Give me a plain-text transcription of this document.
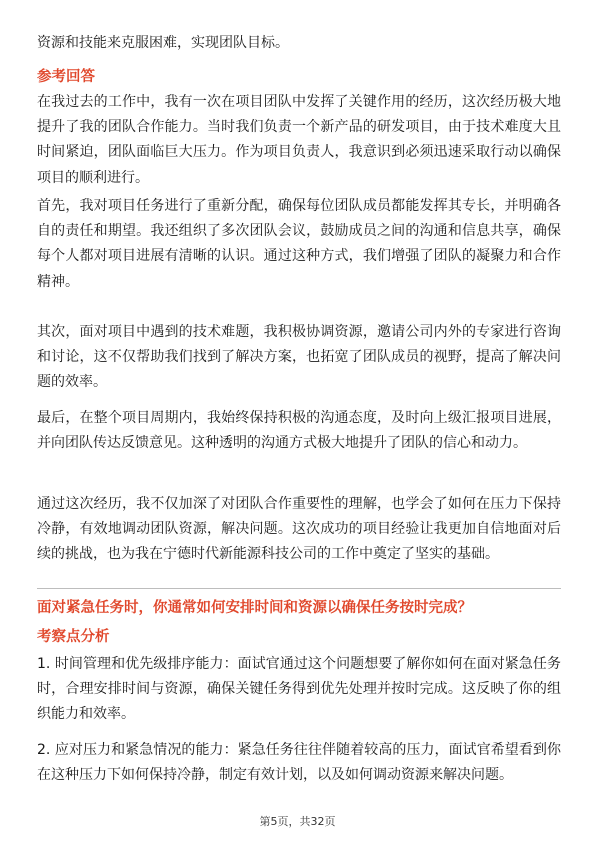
资源和技能来克服困难，实现团队目标。

参考回答

在我过去的工作中，我有一次在项目团队中发挥了关键作用的经历，这次经历极大地提升了我的团队合作能力。当时我们负责一个新产品的研发项目，由于技术难度大且时间紧迫，团队面临巨大压力。作为项目负责人，我意识到必须迅速采取行动以确保项目的顺利进行。

首先，我对项目任务进行了重新分配，确保每位团队成员都能发挥其专长，并明确各自的责任和期望。我还组织了多次团队会议，鼓励成员之间的沟通和信息共享，确保每个人都对项目进展有清晰的认识。通过这种方式，我们增强了团队的凝聚力和合作精神。

其次，面对项目中遇到的技术难题，我积极协调资源，邀请公司内外的专家进行咨询和讨论，这不仅帮助我们找到了解决方案，也拓宽了团队成员的视野，提高了解决问题的效率。

最后，在整个项目周期内，我始终保持积极的沟通态度，及时向上级汇报项目进展，并向团队传达反馈意见。这种透明的沟通方式极大地提升了团队的信心和动力。

通过这次经历，我不仅加深了对团队合作重要性的理解，也学会了如何在压力下保持冷静，有效地调动团队资源，解决问题。这次成功的项目经验让我更加自信地面对后续的挑战，也为我在宁德时代新能源科技公司的工作中奠定了坚实的基础。

面对紧急任务时，你通常如何安排时间和资源以确保任务按时完成？
考察点分析

1. 时间管理和优先级排序能力：面试官通过这个问题想要了解你如何在面对紧急任务时，合理安排时间与资源，确保关键任务得到优先处理并按时完成。这反映了你的组织能力和效率。

2. 应对压力和紧急情况的能力：紧急任务往往伴随着较高的压力，面试官希望看到你在这种压力下如何保持冷静，制定有效计划，以及如何调动资源来解决问题。

第5页，共32页
